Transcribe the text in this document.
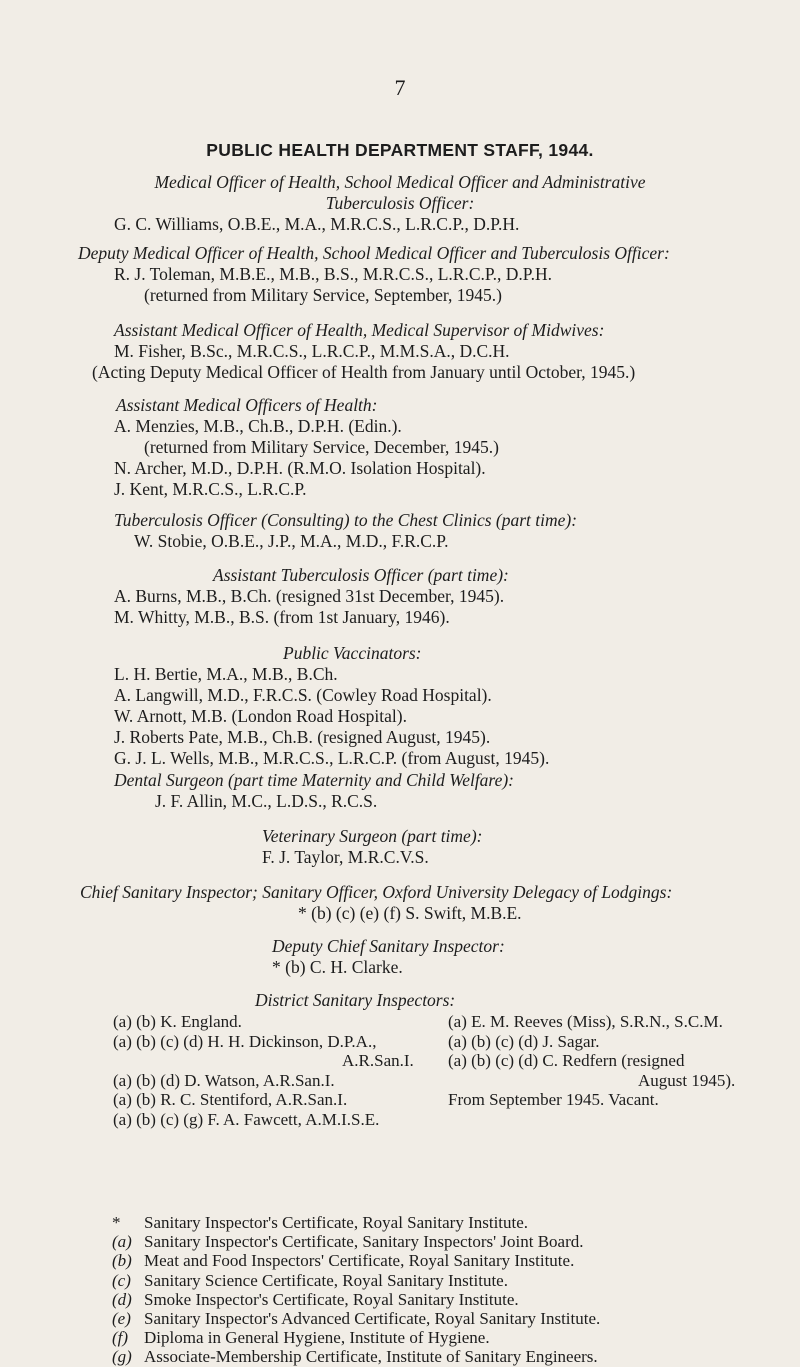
7
PUBLIC HEALTH DEPARTMENT STAFF, 1944.
Medical Officer of Health, School Medical Officer and Administrative
Tuberculosis Officer:
G. C. Williams, O.B.E., M.A., M.R.C.S., L.R.C.P., D.P.H.
Deputy Medical Officer of Health, School Medical Officer and Tuberculosis Officer:
R. J. Toleman, M.B.E., M.B., B.S., M.R.C.S., L.R.C.P., D.P.H.
(returned from Military Service, September, 1945.)
Assistant Medical Officer of Health, Medical Supervisor of Midwives:
M. Fisher, B.Sc., M.R.C.S., L.R.C.P., M.M.S.A., D.C.H.
(Acting Deputy Medical Officer of Health from January until October, 1945.)
Assistant Medical Officers of Health:
A. Menzies, M.B., Ch.B., D.P.H. (Edin.).
(returned from Military Service, December, 1945.)
N. Archer, M.D., D.P.H. (R.M.O. Isolation Hospital).
J. Kent, M.R.C.S., L.R.C.P.
Tuberculosis Officer (Consulting) to the Chest Clinics (part time):
W. Stobie, O.B.E., J.P., M.A., M.D., F.R.C.P.
Assistant Tuberculosis Officer (part time):
A. Burns, M.B., B.Ch. (resigned 31st December, 1945).
M. Whitty, M.B., B.S. (from 1st January, 1946).
Public Vaccinators:
L. H. Bertie, M.A., M.B., B.Ch.
A. Langwill, M.D., F.R.C.S. (Cowley Road Hospital).
W. Arnott, M.B. (London Road Hospital).
J. Roberts Pate, M.B., Ch.B. (resigned August, 1945).
G. J. L. Wells, M.B., M.R.C.S., L.R.C.P. (from August, 1945).
Dental Surgeon (part time Maternity and Child Welfare):
J. F. Allin, M.C., L.D.S., R.C.S.
Veterinary Surgeon (part time):
F. J. Taylor, M.R.C.V.S.
Chief Sanitary Inspector; Sanitary Officer, Oxford University Delegacy of Lodgings:
* (b) (c) (e) (f) S. Swift, M.B.E.
Deputy Chief Sanitary Inspector:
* (b) C. H. Clarke.
District Sanitary Inspectors:
(a) (b) K. England.
(a) (b) (c) (d) H. H. Dickinson, D.P.A.,
A.R.San.I.
(a) (b) (d) D. Watson, A.R.San.I.
(a) (b) R. C. Stentiford, A.R.San.I.
(a) (b) (c) (g) F. A. Fawcett, A.M.I.S.E.
(a) E. M. Reeves (Miss), S.R.N., S.C.M.
(a) (b) (c) (d) J. Sagar.
(a) (b) (c) (d) C. Redfern (resigned
August 1945).
From September 1945. Vacant.
*	Sanitary Inspector's Certificate, Royal Sanitary Institute.
(a) Sanitary Inspector's Certificate, Sanitary Inspectors' Joint Board.
(b) Meat and Food Inspectors' Certificate, Royal Sanitary Institute.
(c) Sanitary Science Certificate, Royal Sanitary Institute.
(d) Smoke Inspector's Certificate, Royal Sanitary Institute.
(e) Sanitary Inspector's Advanced Certificate, Royal Sanitary Institute.
(f) Diploma in General Hygiene, Institute of Hygiene.
(g) Associate-Membership Certificate, Institute of Sanitary Engineers.
